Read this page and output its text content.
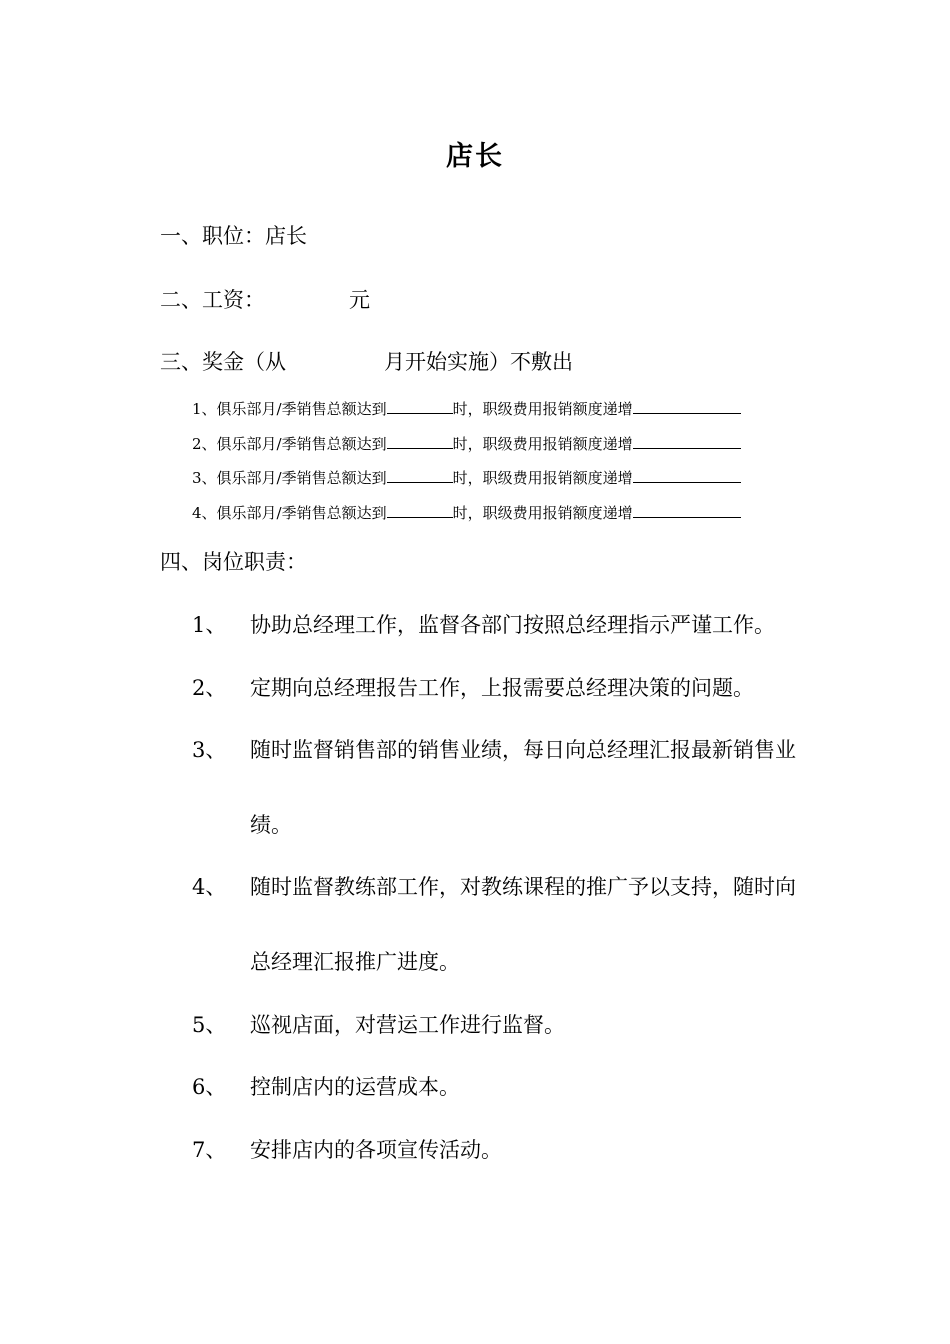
店长
一、职位：店长
二、工资：	元
三、奖金（从	月开始实施）不敷出
1、俱乐部月/季销售总额达到	时，职级费用报销额度递增
2、俱乐部月/季销售总额达到	时，职级费用报销额度递增
3、俱乐部月/季销售总额达到	时，职级费用报销额度递增
4、俱乐部月/季销售总额达到	时，职级费用报销额度递增
四、岗位职责：
1、 协助总经理工作，监督各部门按照总经理指示严谨工作。
2、 定期向总经理报告工作，上报需要总经理决策的问题。
3、 随时监督销售部的销售业绩，每日向总经理汇报最新销售业
绩。
4、 随时监督教练部工作，对教练课程的推广予以支持，随时向
总经理汇报推广进度。
5、 巡视店面，对营运工作进行监督。
6、 控制店内的运营成本。
7、 安排店内的各项宣传活动。
